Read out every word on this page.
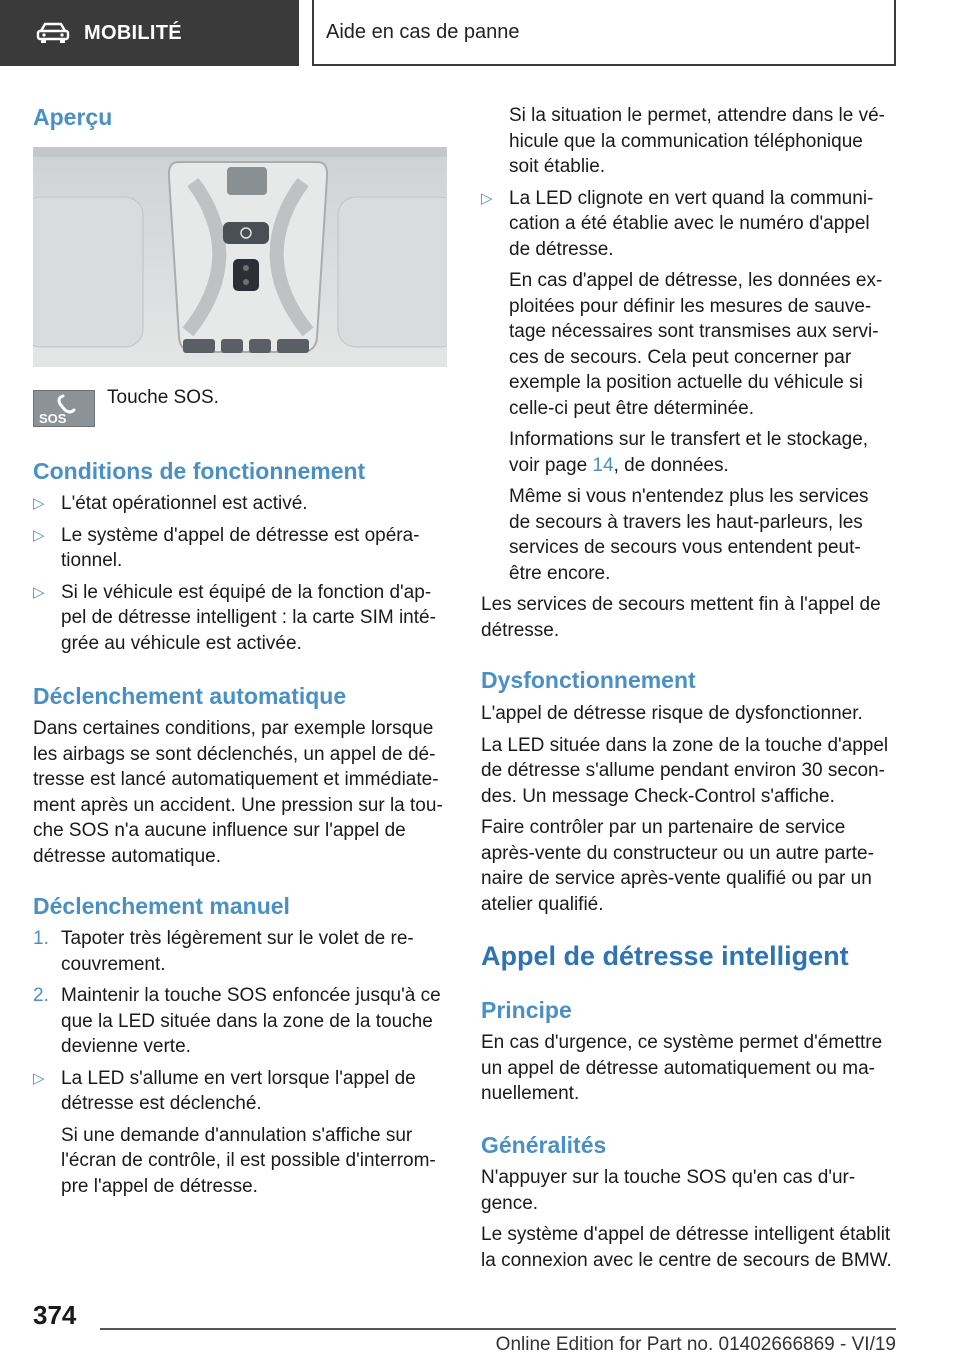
MOBILITÉ	Aide en cas de panne
Aperçu
SOS

Touche SOS.

Conditions de fonctionnement
▷ L'état opérationnel est activé.
▷ Le système d'appel de détresse est opéra-
tionnel.
▷ Si le véhicule est équipé de la fonction d'ap-
pel de détresse intelligent : la carte SIM inté-
grée au véhicule est activée.
Déclenchement automatique

Dans certaines conditions, par exemple lorsque

les airbags se sont déclenchés, un appel de dé-

tresse est lancé automatiquement et immédiate-

ment après un accident. Une pression sur la tou-

che SOS n'a aucune influence sur l'appel de

détresse automatique.

Déclenchement manuel
1. Tapoter très légèrement sur le volet de re-
couvrement.
2. Maintenir la touche SOS enfoncée jusqu'à ce
que la LED située dans la zone de la touche
devienne verte.
▷ La LED s'allume en vert lorsque l'appel de
détresse est déclenché.
Si une demande d'annulation s'affiche sur
l'écran de contrôle, il est possible d'interrom-
pre l'appel de détresse.
Si la situation le permet, attendre dans le vé-
hicule que la communication téléphonique
soit établie.
▷ La LED clignote en vert quand la communi-
cation a été établie avec le numéro d'appel
de détresse.
En cas d'appel de détresse, les données ex-
ploitées pour définir les mesures de sauve-
tage nécessaires sont transmises aux servi-
ces de secours. Cela peut concerner par
exemple la position actuelle du véhicule si
celle-ci peut être déterminée.
Informations sur le transfert et le stockage,
voir page 14, de données.
Même si vous n'entendez plus les services
de secours à travers les haut-parleurs, les
services de secours vous entendent peut-
être encore.

Les services de secours mettent fin à l'appel de

détresse.

Dysfonctionnement

L'appel de détresse risque de dysfonctionner.

La LED située dans la zone de la touche d'appel

de détresse s'allume pendant environ 30 secon-

des. Un message Check-Control s'affiche.

Faire contrôler par un partenaire de service

après-vente du constructeur ou un autre parte-

naire de service après-vente qualifié ou par un

atelier qualifié.

Appel de détresse intelligent
Principe

En cas d'urgence, ce système permet d'émettre

un appel de détresse automatiquement ou ma-

nuellement.

Généralités

N'appuyer sur la touche SOS qu'en cas d'ur-

gence.

Le système d'appel de détresse intelligent établit

la connexion avec le centre de secours de BMW.

374
Online Edition for Part no. 01402666869 - VI/19
